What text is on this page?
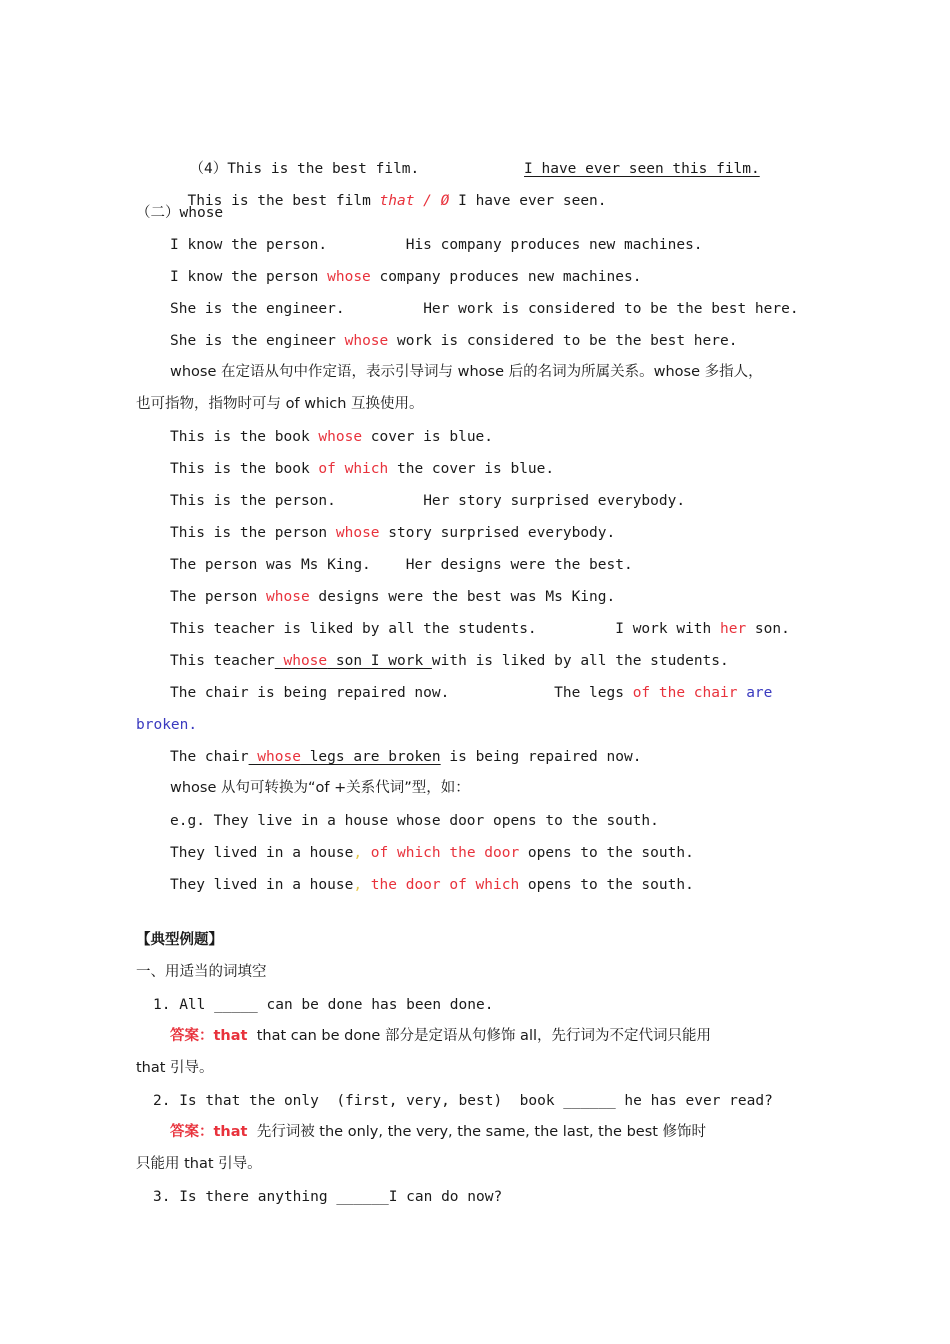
（4）This is the best film.	I have ever seen this film.

This is the best film that / Ø I have ever seen.

（二）whose
I know the person.	His company produces new machines.
I know the person whose company produces new machines.
She is the engineer.	Her work is considered to be the best here.
She is the engineer whose work is considered to be the best here.
whose 在定语从句中作定语，表示引导词与 whose 后的名词为所属关系。whose 多指人，
也可指物，指物时可与 of which 互换使用。
This is the book whose cover is blue.
This is the book of which the cover is blue.
This is the person.	Her story surprised everybody.
This is the person whose story surprised everybody.
The person was Ms King. Her designs were the best.
The person whose designs were the best was Ms King.
This teacher is liked by all the students.	I work with her son.
This teacher whose son I work with is liked by all the students.
The chair is being repaired now.	The legs of the chair are
broken.
The chair whose legs are broken is being repaired now.
whose 从句可转换为“of +关系代词”型，如：
e.g. They live in a house whose door opens to the south.
They lived in a house, of which the door opens to the south.
They lived in a house, the door of which opens to the south.
【典型例题】
一、用适当的词填空
1. All _____ can be done has been done.
答案：that  that can be done 部分是定语从句修饰 all，先行词为不定代词只能用
that 引导。
2. Is that the only  (first, very, best)  book ______ he has ever read?
答案：that  先行词被 the only, the very, the same, the last, the best 修饰时
只能用 that 引导。
3. Is there anything ______I can do now?
